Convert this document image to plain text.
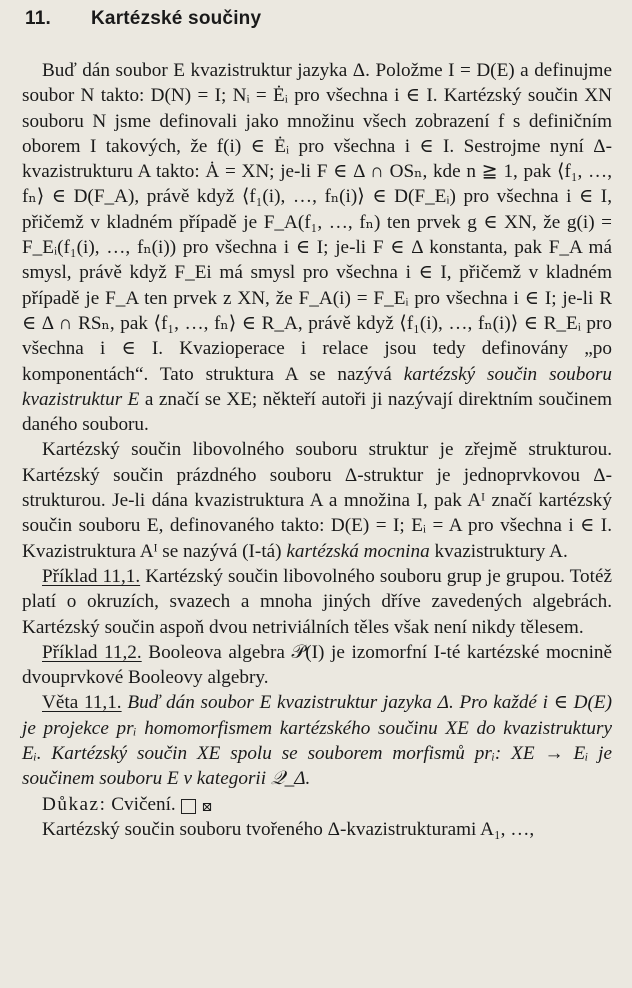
11. Kartézské součiny

Buď dán soubor E kvazistruktur jazyka Δ. Položme I = D(E) a definujme soubor N takto: D(N) = I; Nᵢ = Ėᵢ pro všechna i ∈ I. Kartézský součin XN souboru N jsme definovali jako množinu všech zobrazení f s definičním oborem I takových, že f(i) ∈ Ėᵢ pro všechna i ∈ I. Sestrojme nyní Δ-kvazistrukturu A takto: Ȧ = XN; je-li F ∈ Δ ∩ OSₙ, kde n ≧ 1, pak ⟨f₁, …, fₙ⟩ ∈ D(F_A), právě když ⟨f₁(i), …, fₙ(i)⟩ ∈ D(F_Eᵢ) pro všechna i ∈ I, přičemž v kladném případě je F_A(f₁, …, fₙ) ten prvek g ∈ XN, že g(i) = F_Eᵢ(f₁(i), …, fₙ(i)) pro všechna i ∈ I; je-li F ∈ Δ konstanta, pak F_A má smysl, právě když F_Ei má smysl pro všechna i ∈ I, přičemž v kladném případě je F_A ten prvek z XN, že F_A(i) = F_Eᵢ pro všechna i ∈ I; je-li R ∈ Δ ∩ RSₙ, pak ⟨f₁, …, fₙ⟩ ∈ R_A, právě když ⟨f₁(i), …, fₙ(i)⟩ ∈ R_Eᵢ pro všechna i ∈ I. Kvazioperace i relace jsou tedy definovány „po komponentách“. Tato struktura A se nazývá kartézský součin souboru kvazistruktur E a značí se XE; někteří autoři ji nazývají direktním součinem daného souboru.

Kartézský součin libovolného souboru struktur je zřejmě strukturou. Kartézský součin prázdného souboru Δ-struktur je jednoprvkovou Δ-strukturou. Je-li dána kvazistruktura A a množina I, pak Aᴵ značí kartézský součin souboru E, definovaného takto: D(E) = I; Eᵢ = A pro všechna i ∈ I. Kvazistruktura Aᴵ se nazývá (I-tá) kartézská mocnina kvazistruktury A.

Příklad 11,1. Kartézský součin libovolného souboru grup je grupou. Totéž platí o okruzích, svazech a mnoha jiných dříve zavedených algebrách. Kartézský součin aspoň dvou netriviálních těles však není nikdy tělesem.

Příklad 11,2. Booleova algebra 𝒫(I) je izomorfní I-té kartézské mocnině dvouprvkové Booleovy algebry.

Věta 11,1. Buď dán soubor E kvazistruktur jazyka Δ. Pro každé i ∈ D(E) je projekce prᵢ homomorfismem kartézského součinu XE do kvazistruktury Eᵢ. Kartézský součin XE spolu se souborem morfismů prᵢ: XE → Eᵢ je součinem souboru E v kategorii 𝒬_Δ.

Důkaz: Cvičení. ⊠

Kartézský součin souboru tvořeného Δ-kvazistrukturami A₁, …,
